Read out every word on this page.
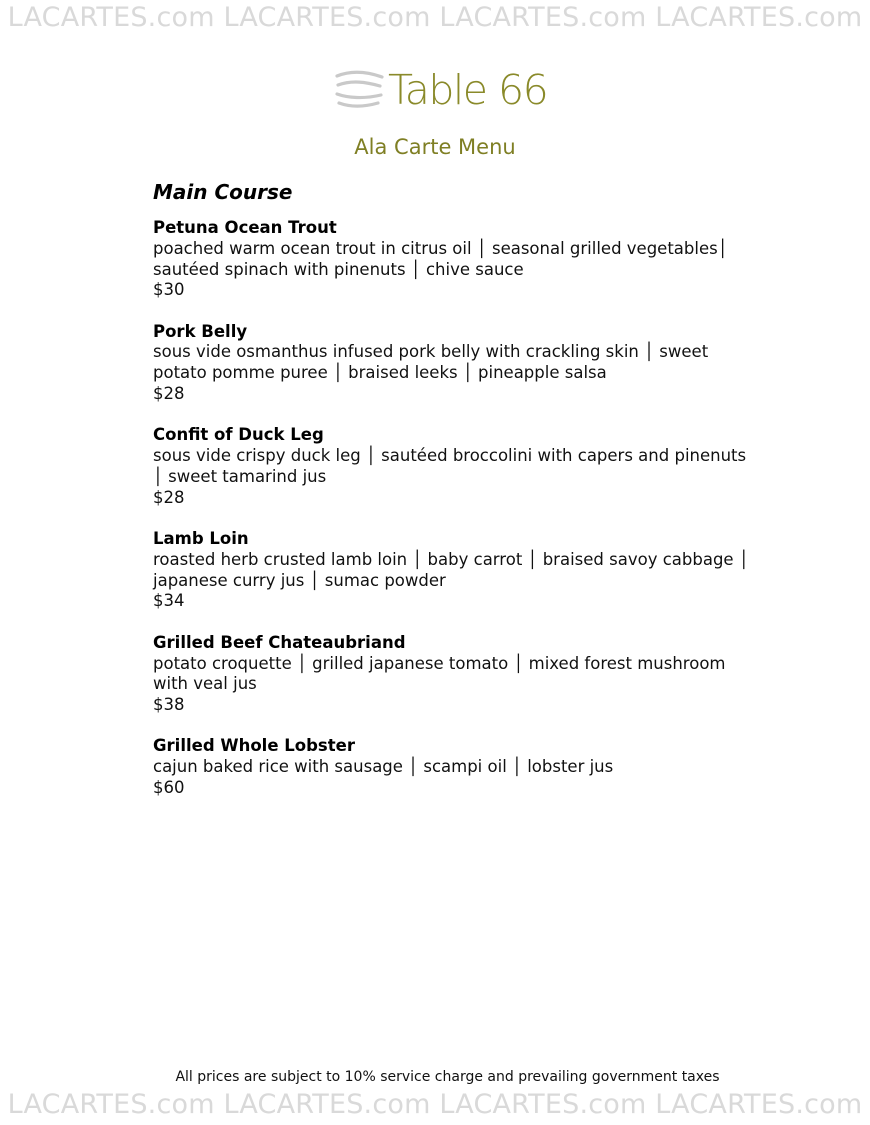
LACARTES.com LACARTES.com LACARTES.com LACARTES.com
Table 66
Ala Carte Menu
Main Course
Petuna Ocean Trout
poached warm ocean trout in citrus oil │ seasonal grilled vegetables│ sautéed spinach with pinenuts │ chive sauce
$30
Pork Belly
sous vide osmanthus infused pork belly with crackling skin │ sweet potato pomme puree │ braised leeks │ pineapple salsa
$28
Confit of Duck Leg
sous vide crispy duck leg │ sautéed broccolini with capers and pinenuts │ sweet tamarind jus
$28
Lamb Loin
roasted herb crusted lamb loin │ baby carrot │ braised savoy cabbage │ japanese curry jus │ sumac powder
$34
Grilled Beef Chateaubriand
potato croquette │ grilled japanese tomato │ mixed forest mushroom with veal jus
$38
Grilled Whole Lobster
cajun baked rice with sausage │ scampi oil │ lobster jus
$60
All prices are subject to 10% service charge and prevailing government taxes
LACARTES.com LACARTES.com LACARTES.com LACARTES.com
